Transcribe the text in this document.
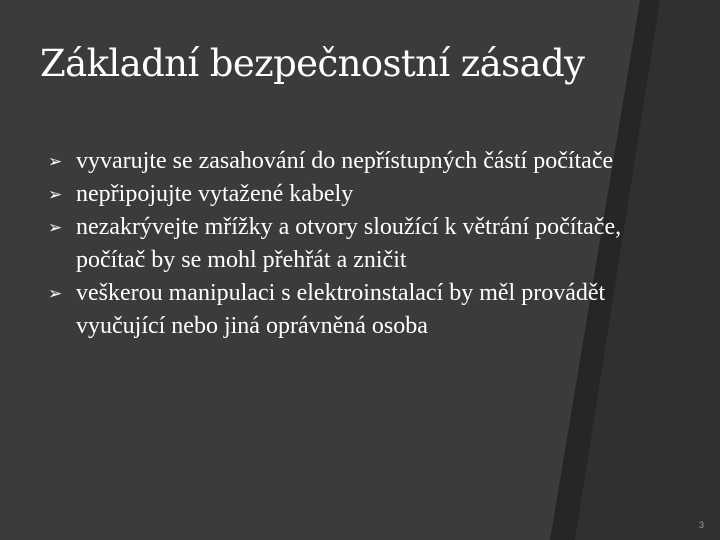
Základní bezpečnostní zásady
➢ vyvarujte se zasahování do nepřístupných částí počítače
➢ nepřipojujte vytažené kabely
➢ nezakrývejte mřížky a otvory sloužící k větrání počítače, počítač by se mohl přehřát a zničit
➢ veškerou manipulaci s elektroinstalací by měl provádět vyučující nebo jiná oprávněná osoba
3
